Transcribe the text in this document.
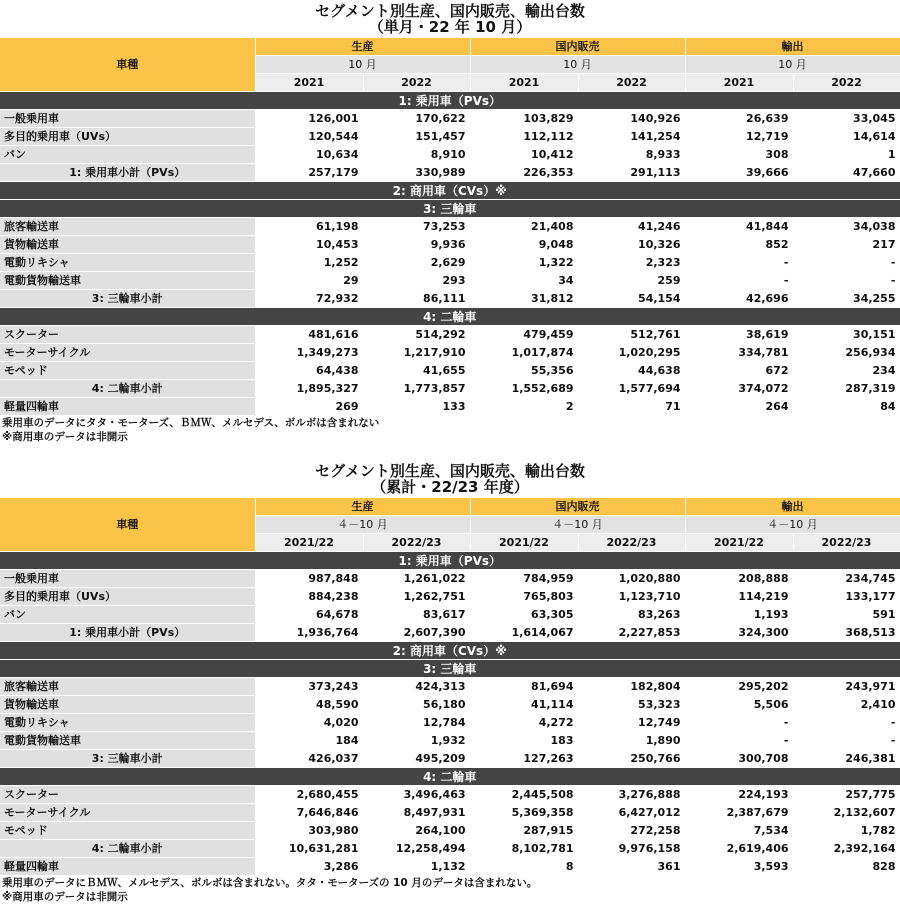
セグメント別生産、国内販売、輸出台数
（単月・22 年 10 月）
車種	生産		国内販売		輸出	
	10 月		10 月		10 月	
	2021	2022	2021	2022	2021	2022
1: 乗用車（PVs）						
一般乗用車	126,001	170,622	103,829	140,926	26,639	33,045
多目的乗用車（UVs）	120,544	151,457	112,112	141,254	12,719	14,614
バン	10,634	8,910	10,412	8,933	308	1
1: 乗用車小計（PVs）	257,179	330,989	226,353	291,113	39,666	47,660
2: 商用車（CVs）※						
3: 三輪車						
旅客輸送車	61,198	73,253	21,408	41,246	41,844	34,038
貨物輸送車	10,453	9,936	9,048	10,326	852	217
電動リキシャ	1,252	2,629	1,322	2,323	-	-
電動貨物輸送車	29	293	34	259	-	-
3: 三輪車小計	72,932	86,111	31,812	54,154	42,696	34,255
4: 二輪車						
スクーター	481,616	514,292	479,459	512,761	38,619	30,151
モーターサイクル	1,349,273	1,217,910	1,017,874	1,020,295	334,781	256,934
モペッド	64,438	41,655	55,356	44,638	672	234
4: 二輪車小計	1,895,327	1,773,857	1,552,689	1,577,694	374,072	287,319
軽量四輪車	269	133	2	71	264	84
乗用車のデータにタタ・モーターズ、ＢＭＷ、メルセデス、ボルボは含まれない
※商用車のデータは非開示
セグメント別生産、国内販売、輸出台数
（累計・22/23 年度）
車種	生産		国内販売		輸出	
	４－10 月		４－10 月		４－10 月	
	2021/22	2022/23	2021/22	2022/23	2021/22	2022/23
1: 乗用車（PVs）						
一般乗用車	987,848	1,261,022	784,959	1,020,880	208,888	234,745
多目的乗用車（UVs）	884,238	1,262,751	765,803	1,123,710	114,219	133,177
バン	64,678	83,617	63,305	83,263	1,193	591
1: 乗用車小計（PVs）	1,936,764	2,607,390	1,614,067	2,227,853	324,300	368,513
2: 商用車（CVs）※						
3: 三輪車						
旅客輸送車	373,243	424,313	81,694	182,804	295,202	243,971
貨物輸送車	48,590	56,180	41,114	53,323	5,506	2,410
電動リキシャ	4,020	12,784	4,272	12,749	-	-
電動貨物輸送車	184	1,932	183	1,890	-	-
3: 三輪車小計	426,037	495,209	127,263	250,766	300,708	246,381
4: 二輪車						
スクーター	2,680,455	3,496,463	2,445,508	3,276,888	224,193	257,775
モーターサイクル	7,646,846	8,497,931	5,369,358	6,427,012	2,387,679	2,132,607
モペッド	303,980	264,100	287,915	272,258	7,534	1,782
4: 二輪車小計	10,631,281	12,258,494	8,102,781	9,976,158	2,619,406	2,392,164
軽量四輪車	3,286	1,132	8	361	3,593	828
乗用車のデータにＢＭＷ、メルセデス、ボルボは含まれない。タタ・モーターズの 10 月のデータは含まれない。
※商用車のデータは非開示
